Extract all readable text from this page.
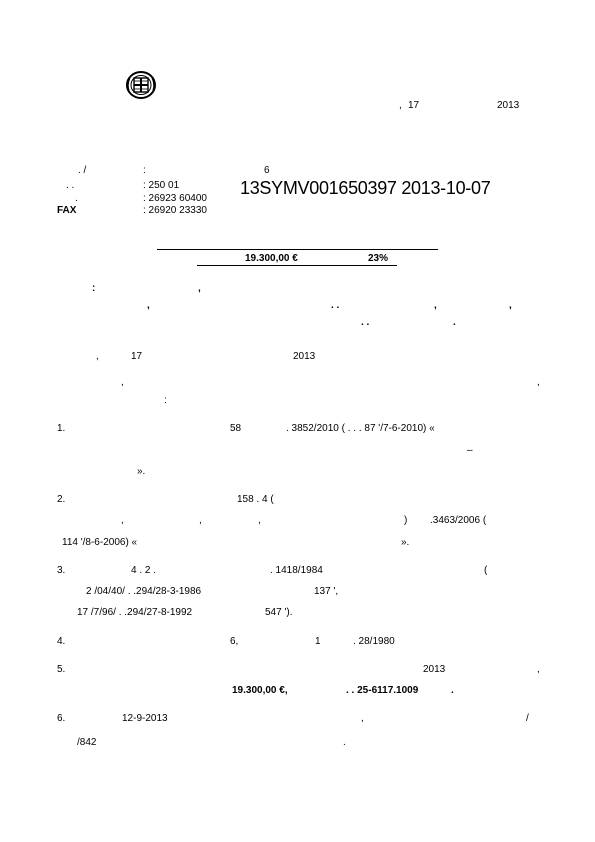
, 17	2013
. /	:	6
. .	: 250 01
.	: 26923 60400
FAX	: 26920 23330
13SYMV001650397 2013-10-07
19.300,00 €	23%
:	,
,	. .	,	,
. .	.
,	17	2013
,	,
:
1.	58	. 3852/2010 ( . . . 87 '/7-6-2010) «
–
».
2.	158 . 4 (
,	,	,	) .3463/2006 (
114 '/8-6-2006) «	».
3.	4 . 2 .	. 1418/1984	(
2 /04/40/ . .294/28-3-1986	137 ',
17 /7/96/ . .294/27-8-1992	547 ').
4.	6,	1	. 28/1980
5.	2013	,
19.300,00 €,	. . 25-6117.1009	.
6.	12-9-2013	,	/
/842	.
